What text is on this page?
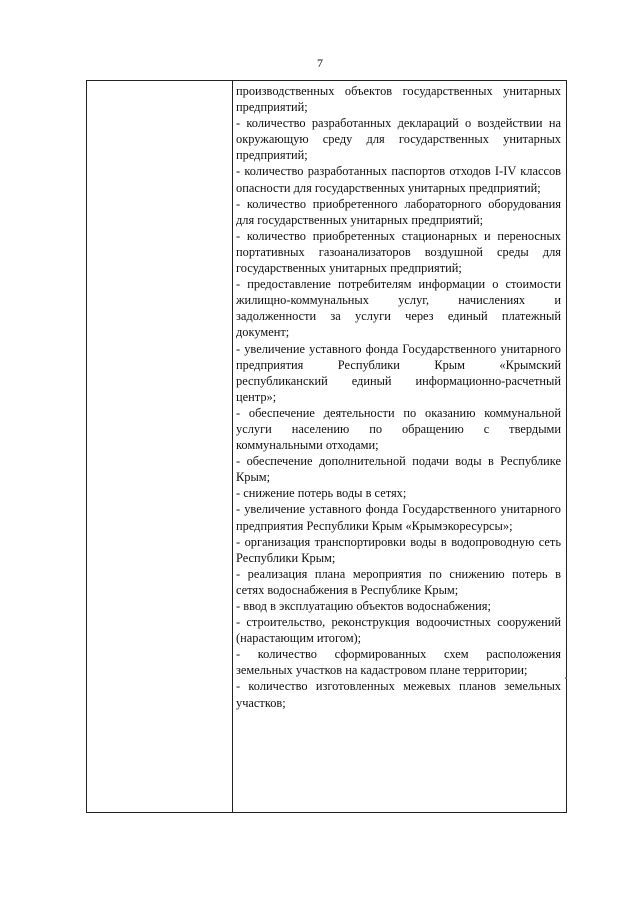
7

производственных объектов государственных унитарных предприятий;

- количество разработанных деклараций о воздействии на окружающую среду для государственных унитарных предприятий;

- количество разработанных паспортов отходов I-IV классов опасности для государственных унитарных предприятий;

- количество приобретенного лабораторного оборудования для государственных унитарных предприятий;

- количество приобретенных стационарных и переносных портативных газоанализаторов воздушной среды для государственных унитарных предприятий;

- предоставление потребителям информации о стоимости жилищно-коммунальных услуг, начислениях и задолженности за услуги через единый платежный документ;

- увеличение уставного фонда Государственного унитарного предприятия Республики Крым «Крымский республиканский единый информационно-расчетный центр»;

- обеспечение деятельности по оказанию коммунальной услуги населению по обращению с твердыми коммунальными отходами;

- обеспечение дополнительной подачи воды в Республике Крым;

- снижение потерь воды в сетях;

- увеличение уставного фонда Государственного унитарного предприятия Республики Крым «Крымэкоресурсы»;

- организация транспортировки воды в водопроводную сеть Республики Крым;

- реализация плана мероприятия по снижению потерь в сетях водоснабжения в Республике Крым;

- ввод в эксплуатацию объектов водоснабжения;

- строительство, реконструкция водоочистных сооружений (нарастающим итогом);

- количество сформированных схем расположения земельных участков на кадастровом плане территории;

- количество изготовленных межевых планов земельных участков;
